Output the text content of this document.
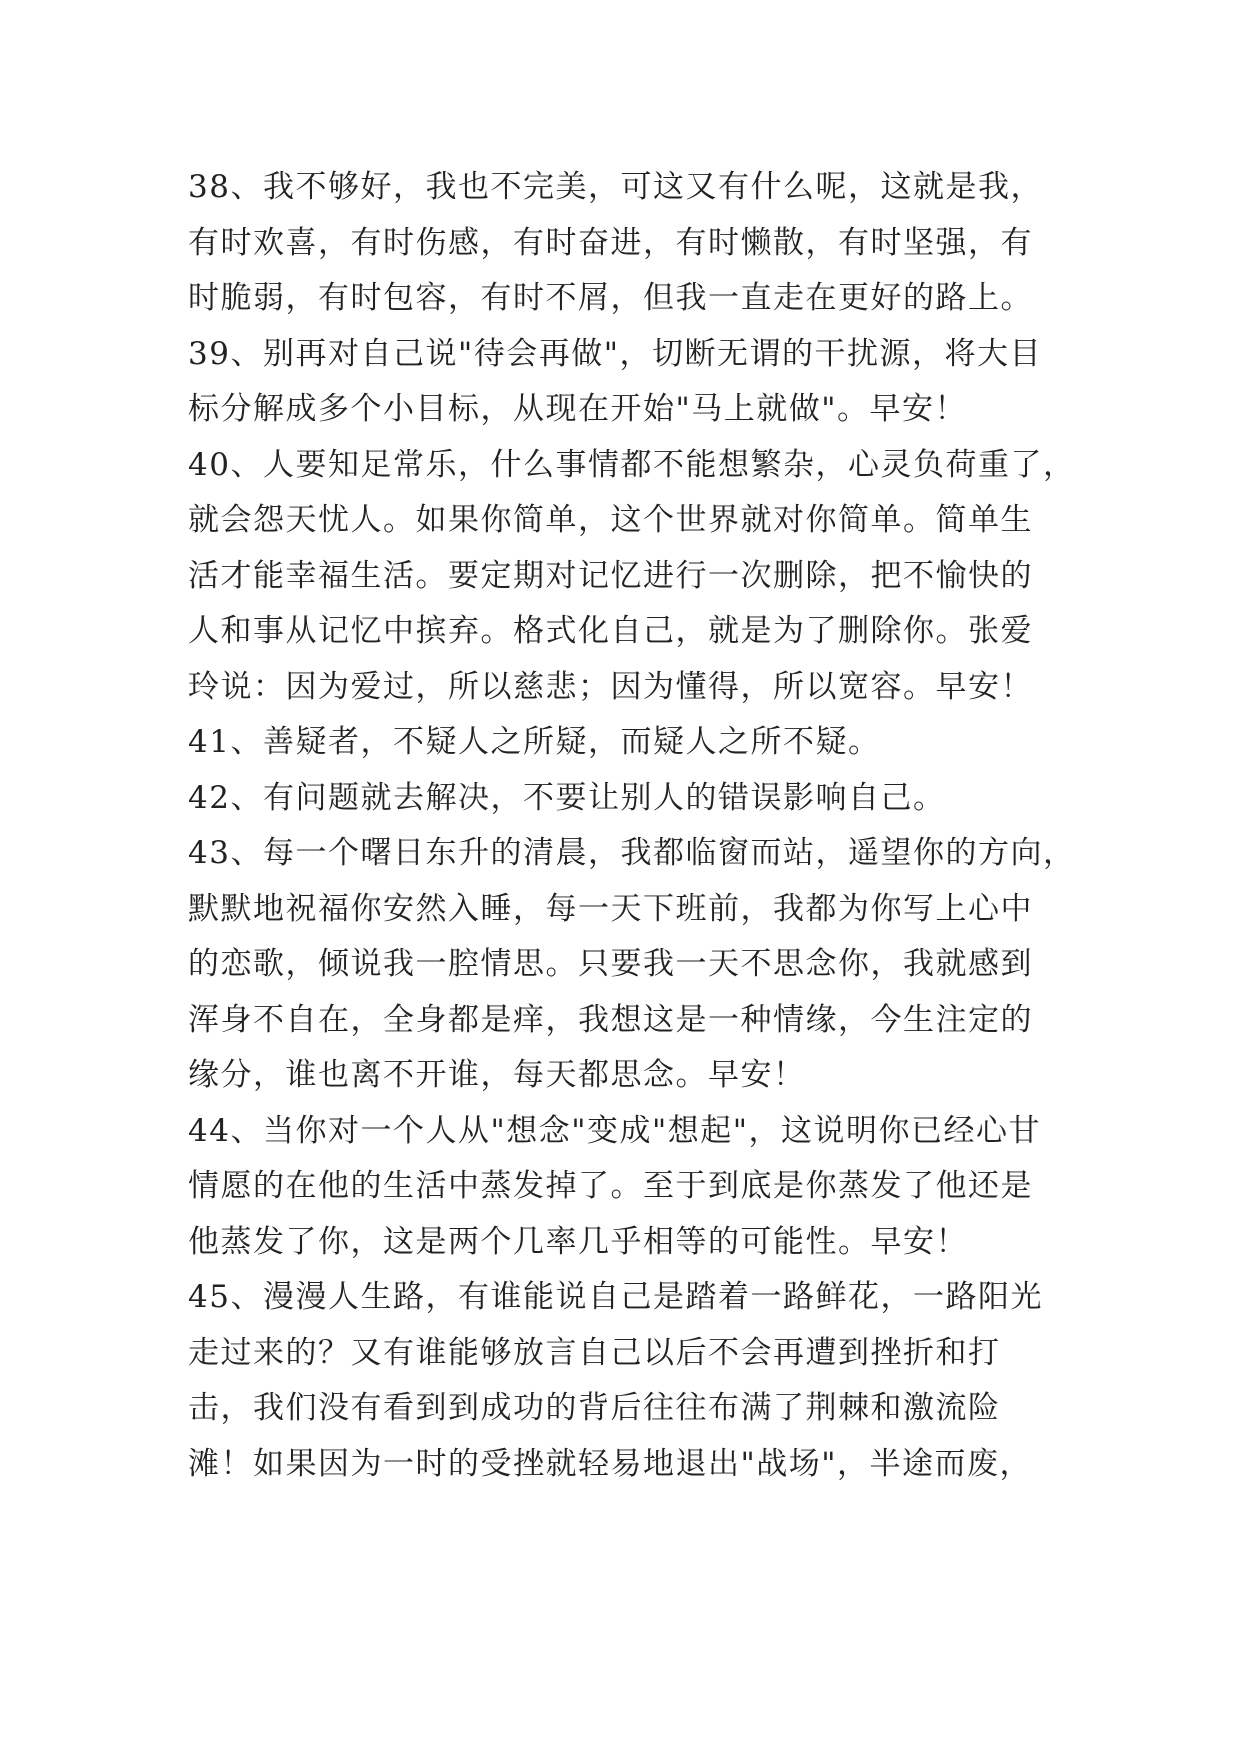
38、我不够好，我也不完美，可这又有什么呢，这就是我，
有时欢喜，有时伤感，有时奋进，有时懒散，有时坚强，有
时脆弱，有时包容，有时不屑，但我一直走在更好的路上。
39、别再对自己说"待会再做"，切断无谓的干扰源，将大目
标分解成多个小目标，从现在开始"马上就做"。早安！
40、人要知足常乐，什么事情都不能想繁杂，心灵负荷重了，
就会怨天忧人。如果你简单，这个世界就对你简单。简单生
活才能幸福生活。要定期对记忆进行一次删除，把不愉快的
人和事从记忆中摈弃。格式化自己，就是为了删除你。张爱
玲说：因为爱过，所以慈悲；因为懂得，所以宽容。早安！
41、善疑者，不疑人之所疑，而疑人之所不疑。
42、有问题就去解决，不要让别人的错误影响自己。
43、每一个曙日东升的清晨，我都临窗而站，遥望你的方向，
默默地祝福你安然入睡，每一天下班前，我都为你写上心中
的恋歌，倾说我一腔情思。只要我一天不思念你，我就感到
浑身不自在，全身都是痒，我想这是一种情缘，今生注定的
缘分，谁也离不开谁，每天都思念。早安！
44、当你对一个人从"想念"变成"想起"，这说明你已经心甘
情愿的在他的生活中蒸发掉了。至于到底是你蒸发了他还是
他蒸发了你，这是两个几率几乎相等的可能性。早安！
45、漫漫人生路，有谁能说自己是踏着一路鲜花，一路阳光
走过来的？又有谁能够放言自己以后不会再遭到挫折和打
击，我们没有看到到成功的背后往往布满了荆棘和激流险
滩！如果因为一时的受挫就轻易地退出"战场"，半途而废，
